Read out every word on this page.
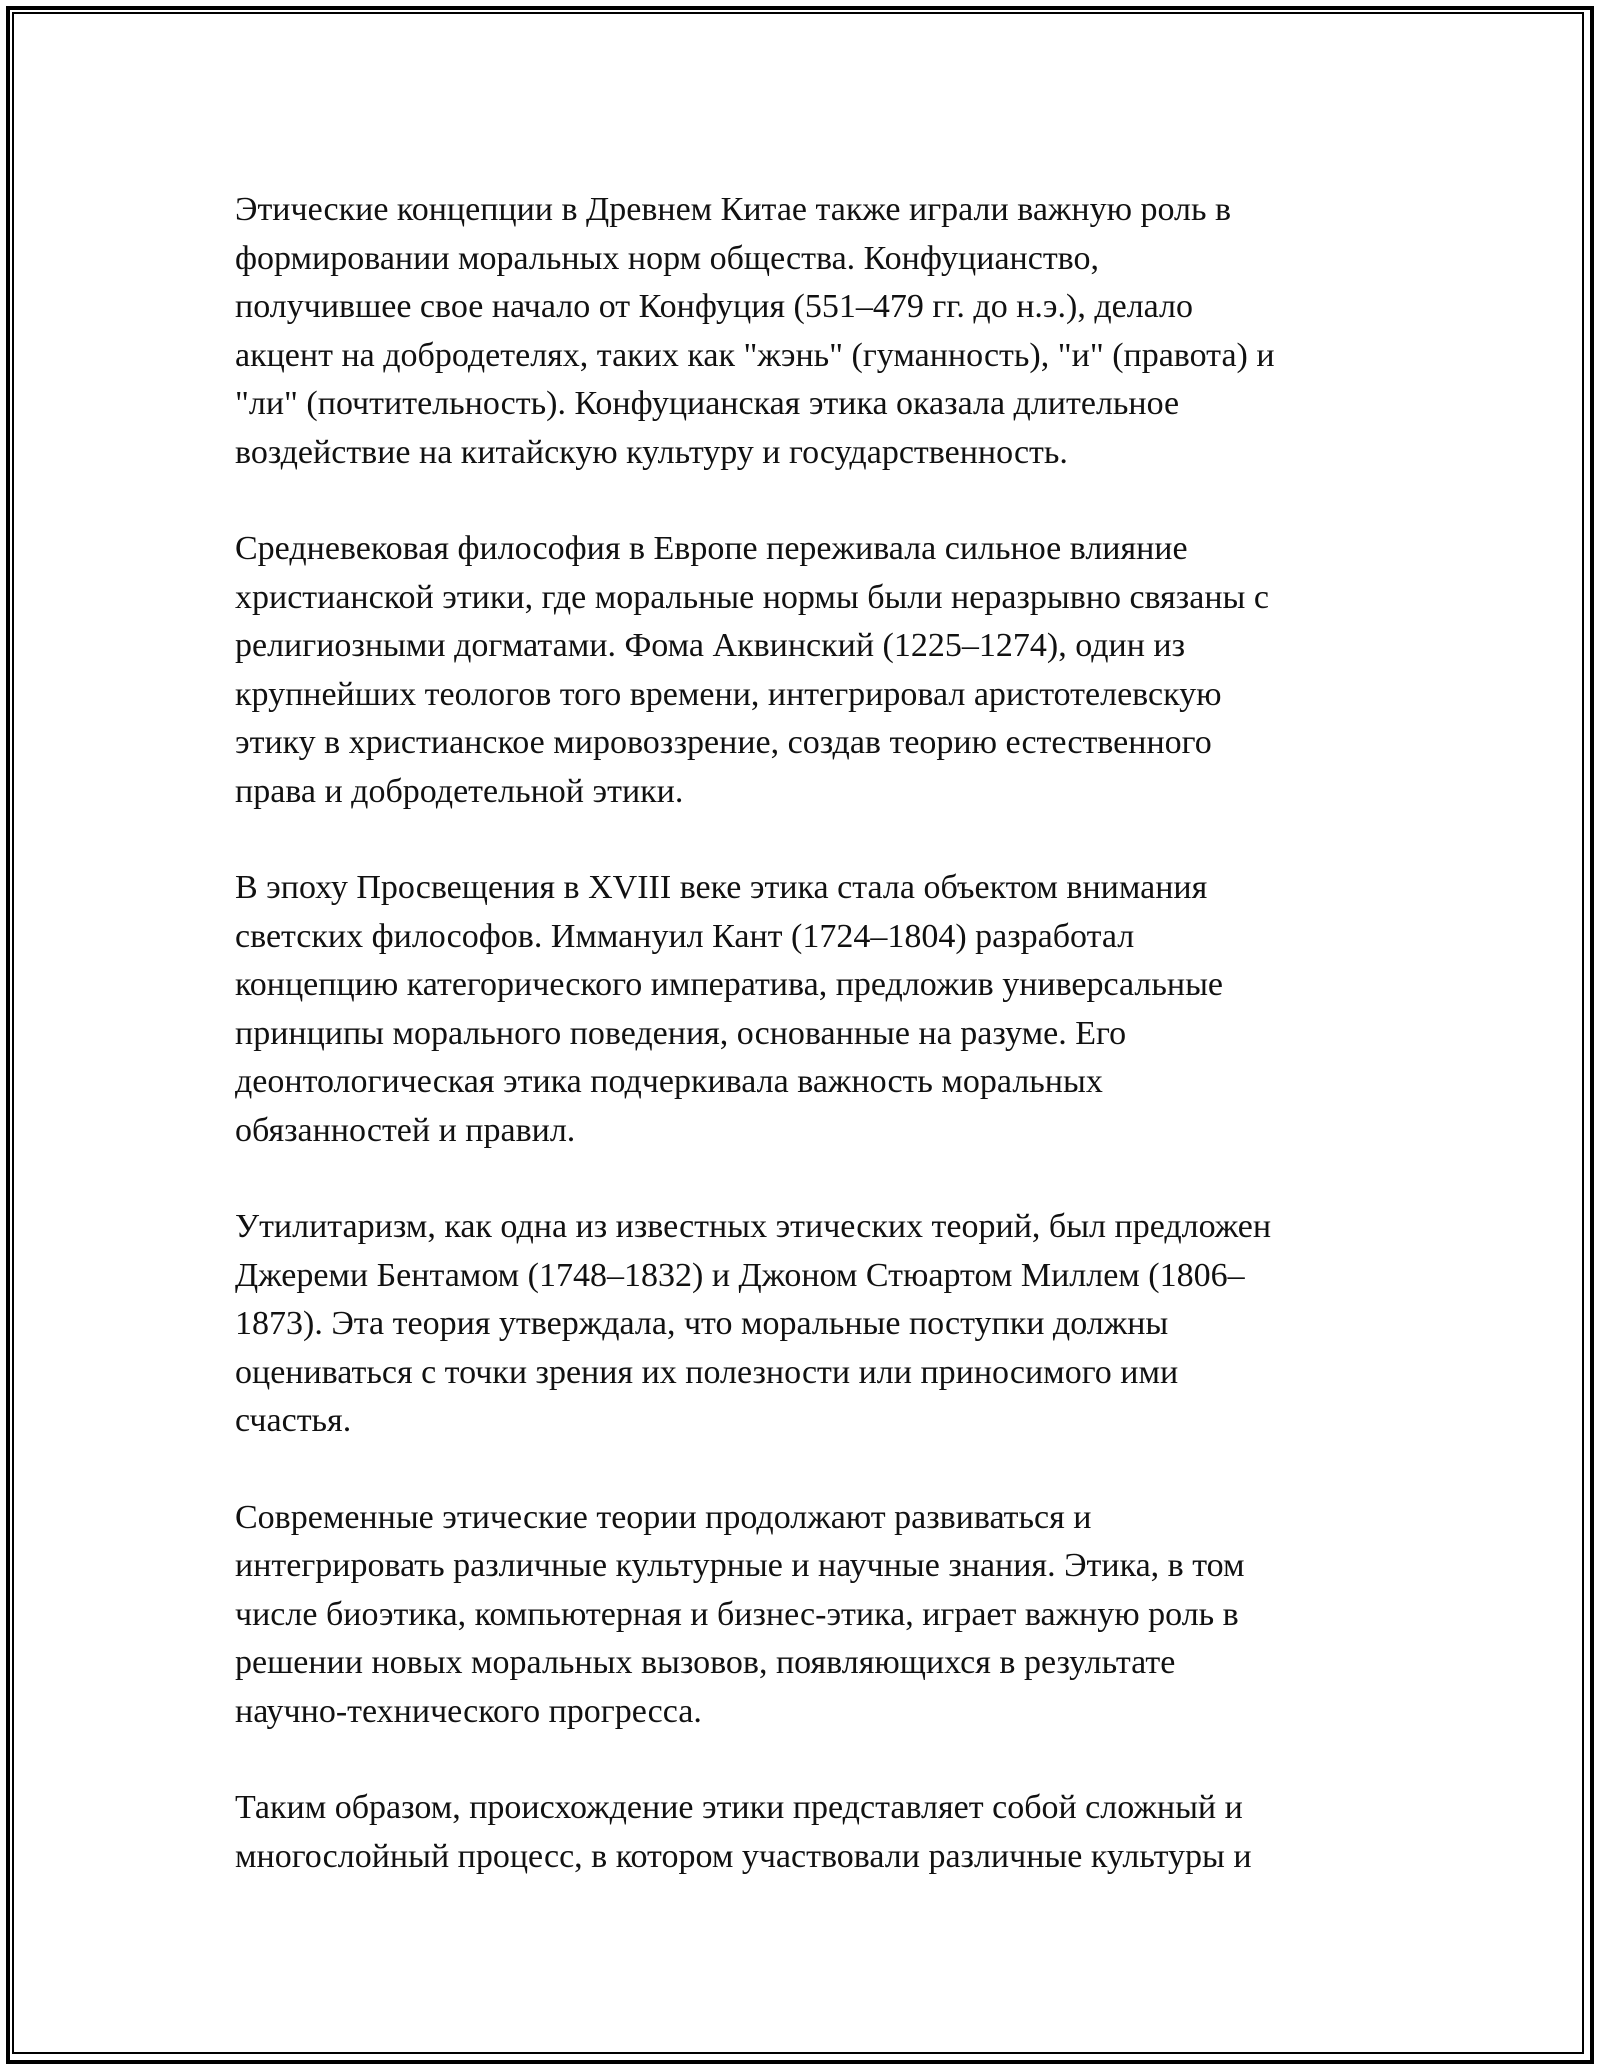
Этические концепции в Древнем Китае также играли важную роль в
формировании моральных норм общества. Конфуцианство,
получившее свое начало от Конфуция (551–479 гг. до н.э.), делало
акцент на добродетелях, таких как "жэнь" (гуманность), "и" (правота) и
"ли" (почтительность). Конфуцианская этика оказала длительное
воздействие на китайскую культуру и государственность.

Средневековая философия в Европе переживала сильное влияние
христианской этики, где моральные нормы были неразрывно связаны с
религиозными догматами. Фома Аквинский (1225–1274), один из
крупнейших теологов того времени, интегрировал аристотелевскую
этику в христианское мировоззрение, создав теорию естественного
права и добродетельной этики.

В эпоху Просвещения в XVIII веке этика стала объектом внимания
светских философов. Иммануил Кант (1724–1804) разработал
концепцию категорического императива, предложив универсальные
принципы морального поведения, основанные на разуме. Его
деонтологическая этика подчеркивала важность моральных
обязанностей и правил.

Утилитаризм, как одна из известных этических теорий, был предложен
Джереми Бентамом (1748–1832) и Джоном Стюартом Миллем (1806–
1873). Эта теория утверждала, что моральные поступки должны
оцениваться с точки зрения их полезности или приносимого ими
счастья.

Современные этические теории продолжают развиваться и
интегрировать различные культурные и научные знания. Этика, в том
числе биоэтика, компьютерная и бизнес-этика, играет важную роль в
решении новых моральных вызовов, появляющихся в результате
научно-технического прогресса.

Таким образом, происхождение этики представляет собой сложный и
многослойный процесс, в котором участвовали различные культуры и
